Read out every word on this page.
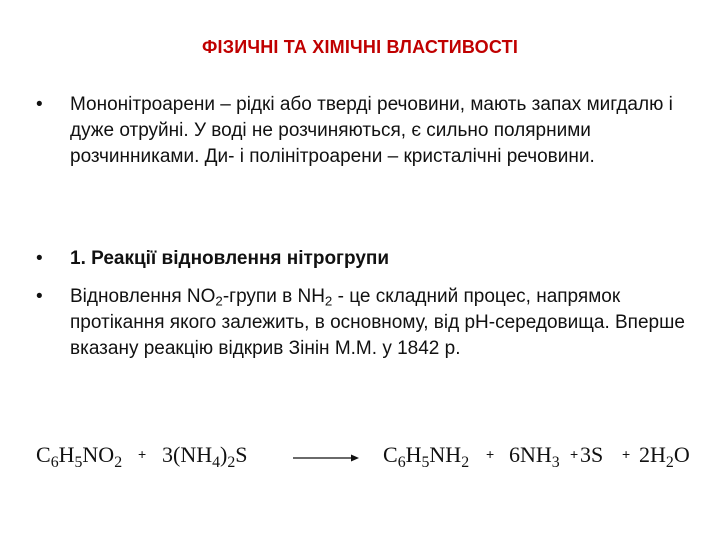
ФІЗИЧНІ ТА ХІМІЧНІ ВЛАСТИВОСТІ
•	Мононітроарени – рідкі або тверді речовини, мають запах мигдалю і дуже отруйні. У воді не розчиняються, є сильно полярними розчинниками. Ди- і полінітроарени – кристалічні речовини.
•	1. Реакції відновлення нітрогрупи
•	Відновлення $NO_2$-групи в $NH_2$ - це складний процес, напрямок протікання якого залежить, в основному, від рН-середовища. Вперше вказану реакцію відкрив Зінін М.М. у 1842 р.
$C_6H_5NO_2 + 3(NH_4)_2S \to C_6H_5NH_2 + 6NH_3 + 3S + 2H_2O$
